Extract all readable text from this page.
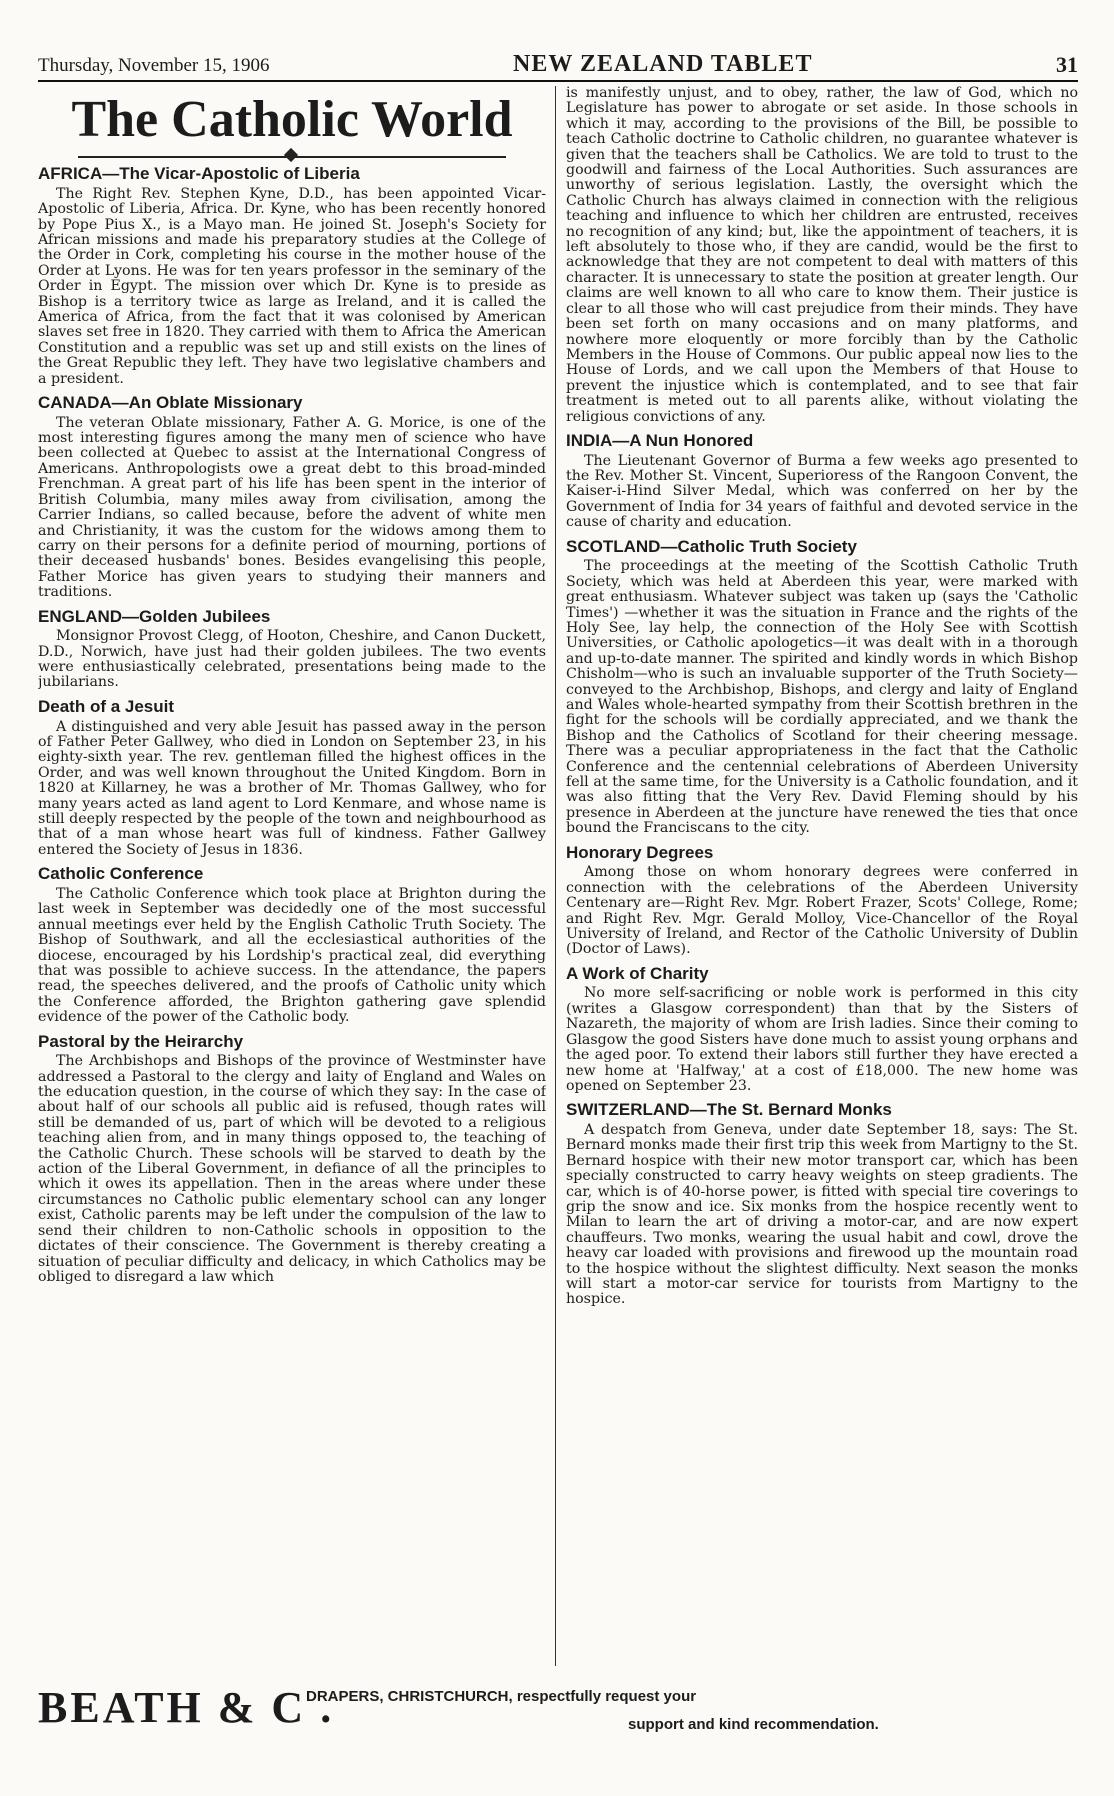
Thursday, November 15, 1906	NEW ZEALAND TABLET	31
The Catholic World
AFRICA—The Vicar-Apostolic of Liberia

The Right Rev. Stephen Kyne, D.D., has been appointed Vicar-Apostolic of Liberia, Africa. Dr. Kyne, who has been recently honored by Pope Pius X., is a Mayo man. He joined St. Joseph's Society for African missions and made his preparatory studies at the College of the Order in Cork, completing his course in the mother house of the Order at Lyons. He was for ten years professor in the seminary of the Order in Egypt. The mission over which Dr. Kyne is to preside as Bishop is a territory twice as large as Ireland, and it is called the America of Africa, from the fact that it was colonised by American slaves set free in 1820. They carried with them to Africa the American Constitution and a republic was set up and still exists on the lines of the Great Republic they left. They have two legislative chambers and a president.

CANADA—An Oblate Missionary

The veteran Oblate missionary, Father A. G. Morice, is one of the most interesting figures among the many men of science who have been collected at Quebec to assist at the International Congress of Americans. Anthropologists owe a great debt to this broad-minded Frenchman. A great part of his life has been spent in the interior of British Columbia, many miles away from civilisation, among the Carrier Indians, so called because, before the advent of white men and Christianity, it was the custom for the widows among them to carry on their persons for a definite period of mourning, portions of their deceased husbands' bones. Besides evangelising this people, Father Morice has given years to studying their manners and traditions.

ENGLAND—Golden Jubilees

Monsignor Provost Clegg, of Hooton, Cheshire, and Canon Duckett, D.D., Norwich, have just had their golden jubilees. The two events were enthusiastically celebrated, presentations being made to the jubilarians.

Death of a Jesuit

A distinguished and very able Jesuit has passed away in the person of Father Peter Gallwey, who died in London on September 23, in his eighty-sixth year. The rev. gentleman filled the highest offices in the Order, and was well known throughout the United Kingdom. Born in 1820 at Killarney, he was a brother of Mr. Thomas Gallwey, who for many years acted as land agent to Lord Kenmare, and whose name is still deeply respected by the people of the town and neighbourhood as that of a man whose heart was full of kindness. Father Gallwey entered the Society of Jesus in 1836.

Catholic Conference

The Catholic Conference which took place at Brighton during the last week in September was decidedly one of the most successful annual meetings ever held by the English Catholic Truth Society. The Bishop of Southwark, and all the ecclesiastical authorities of the diocese, encouraged by his Lordship's practical zeal, did everything that was possible to achieve success. In the attendance, the papers read, the speeches delivered, and the proofs of Catholic unity which the Conference afforded, the Brighton gathering gave splendid evidence of the power of the Catholic body.

Pastoral by the Heirarchy

The Archbishops and Bishops of the province of Westminster have addressed a Pastoral to the clergy and laity of England and Wales on the education question, in the course of which they say: In the case of about half of our schools all public aid is refused, though rates will still be demanded of us, part of which will be devoted to a religious teaching alien from, and in many things opposed to, the teaching of the Catholic Church. These schools will be starved to death by the action of the Liberal Government, in defiance of all the principles to which it owes its appellation. Then in the areas where under these circumstances no Catholic public elementary school can any longer exist, Catholic parents may be left under the compulsion of the law to send their children to non-Catholic schools in opposition to the dictates of their conscience. The Government is thereby creating a situation of peculiar difficulty and delicacy, in which Catholics may be obliged to disregard a law which

is manifestly unjust, and to obey, rather, the law of God, which no Legislature has power to abrogate or set aside. In those schools in which it may, according to the provisions of the Bill, be possible to teach Catholic doctrine to Catholic children, no guarantee whatever is given that the teachers shall be Catholics. We are told to trust to the goodwill and fairness of the Local Authorities. Such assurances are unworthy of serious legislation. Lastly, the oversight which the Catholic Church has always claimed in connection with the religious teaching and influence to which her children are entrusted, receives no recognition of any kind; but, like the appointment of teachers, it is left absolutely to those who, if they are candid, would be the first to acknowledge that they are not competent to deal with matters of this character. It is unnecessary to state the position at greater length. Our claims are well known to all who care to know them. Their justice is clear to all those who will cast prejudice from their minds. They have been set forth on many occasions and on many platforms, and nowhere more eloquently or more forcibly than by the Catholic Members in the House of Commons. Our public appeal now lies to the House of Lords, and we call upon the Members of that House to prevent the injustice which is contemplated, and to see that fair treatment is meted out to all parents alike, without violating the religious convictions of any.

INDIA—A Nun Honored

The Lieutenant Governor of Burma a few weeks ago presented to the Rev. Mother St. Vincent, Superioress of the Rangoon Convent, the Kaiser-i-Hind Silver Medal, which was conferred on her by the Government of India for 34 years of faithful and devoted service in the cause of charity and education.

SCOTLAND—Catholic Truth Society

The proceedings at the meeting of the Scottish Catholic Truth Society, which was held at Aberdeen this year, were marked with great enthusiasm. Whatever subject was taken up (says the 'Catholic Times') —whether it was the situation in France and the rights of the Holy See, lay help, the connection of the Holy See with Scottish Universities, or Catholic apologetics—it was dealt with in a thorough and up-to-date manner. The spirited and kindly words in which Bishop Chisholm—who is such an invaluable supporter of the Truth Society—conveyed to the Archbishop, Bishops, and clergy and laity of England and Wales whole-hearted sympathy from their Scottish brethren in the fight for the schools will be cordially appreciated, and we thank the Bishop and the Catholics of Scotland for their cheering message. There was a peculiar appropriateness in the fact that the Catholic Conference and the centennial celebrations of Aberdeen University fell at the same time, for the University is a Catholic foundation, and it was also fitting that the Very Rev. David Fleming should by his presence in Aberdeen at the juncture have renewed the ties that once bound the Franciscans to the city.

Honorary Degrees

Among those on whom honorary degrees were conferred in connection with the celebrations of the Aberdeen University Centenary are—Right Rev. Mgr. Robert Frazer, Scots' College, Rome; and Right Rev. Mgr. Gerald Molloy, Vice-Chancellor of the Royal University of Ireland, and Rector of the Catholic University of Dublin (Doctor of Laws).

A Work of Charity

No more self-sacrificing or noble work is performed in this city (writes a Glasgow correspondent) than that by the Sisters of Nazareth, the majority of whom are Irish ladies. Since their coming to Glasgow the good Sisters have done much to assist young orphans and the aged poor. To extend their labors still further they have erected a new home at 'Halfway,' at a cost of £18,000. The new home was opened on September 23.

SWITZERLAND—The St. Bernard Monks

A despatch from Geneva, under date September 18, says: The St. Bernard monks made their first trip this week from Martigny to the St. Bernard hospice with their new motor transport car, which has been specially constructed to carry heavy weights on steep gradients. The car, which is of 40-horse power, is fitted with special tire coverings to grip the snow and ice. Six monks from the hospice recently went to Milan to learn the art of driving a motor-car, and are now expert chauffeurs. Two monks, wearing the usual habit and cowl, drove the heavy car loaded with provisions and firewood up the mountain road to the hospice without the slightest difficulty. Next season the monks will start a motor-car service for tourists from Martigny to the hospice.

BEATH & C .
DRAPERS, CHRISTCHURCH, respectfully request your
support and kind recommendation.
